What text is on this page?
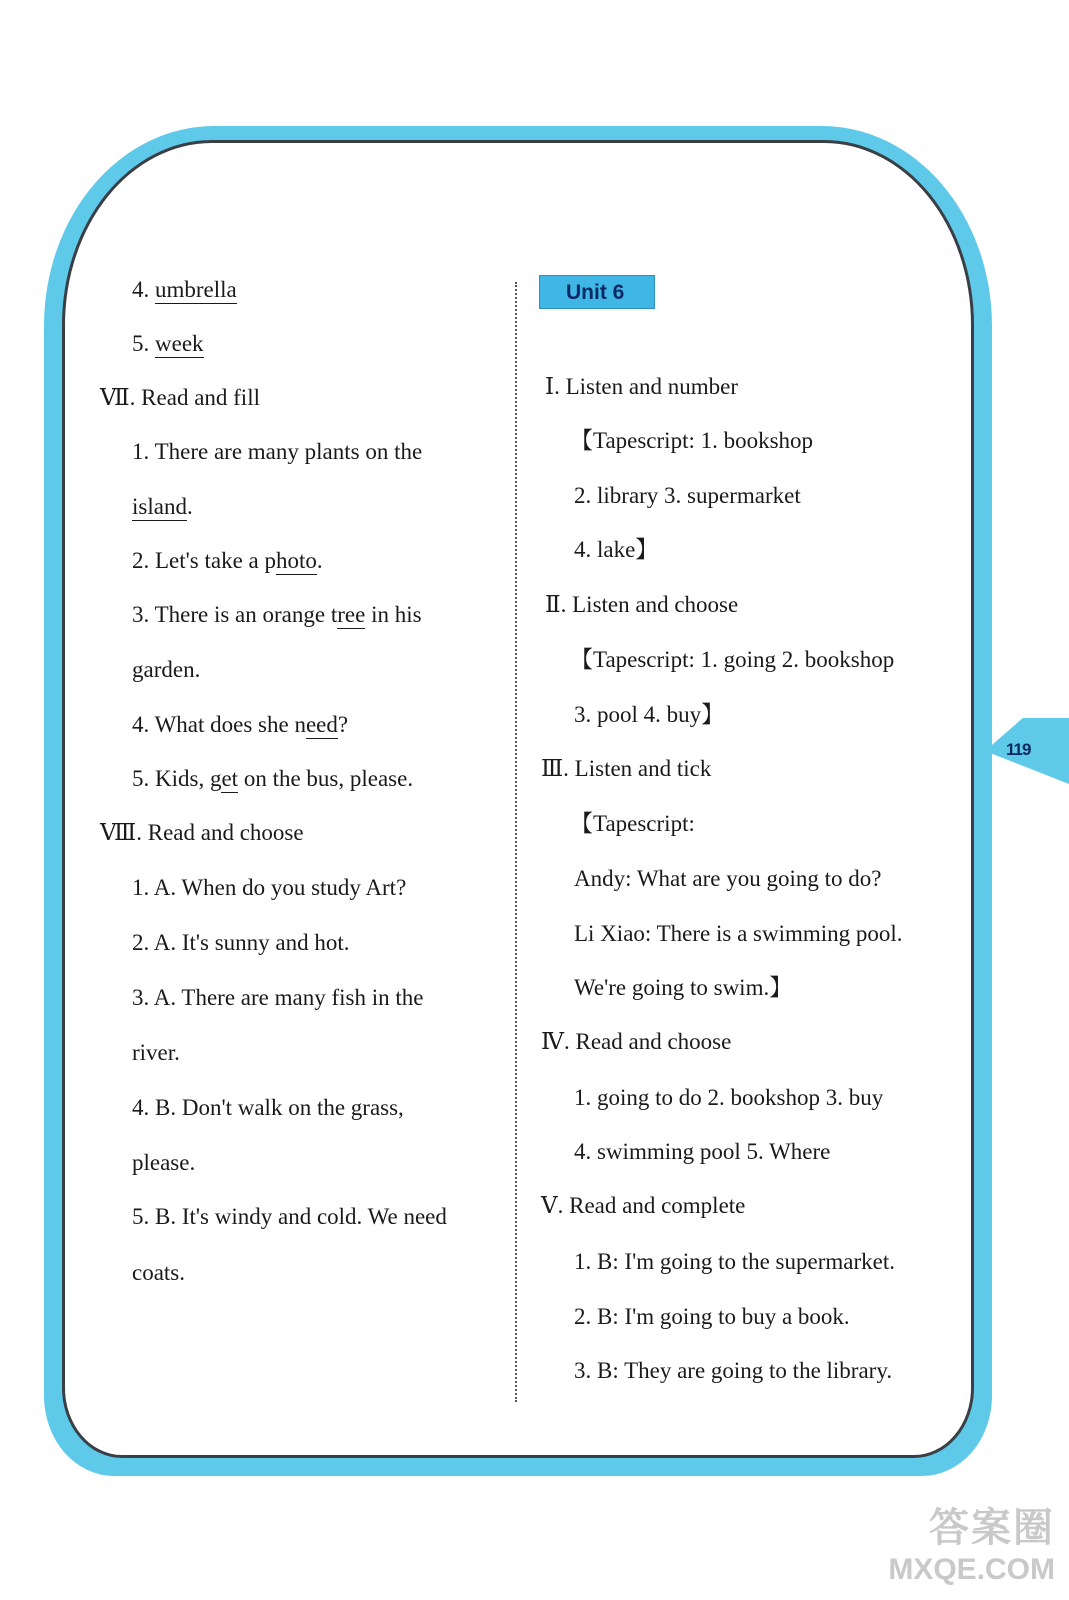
119
4. umbrella
5. week
Ⅶ. Read and fill
1. There are many plants on the
island.
2. Let's take a photo.
3. There is an orange tree in his
garden.
4. What does she need?
5. Kids, get on the bus, please.
Ⅷ. Read and choose
1. A. When do you study Art?
2. A. It's sunny and hot.
3. A. There are many fish in the
river.
4. B. Don't walk on the grass,
please.
5. B. It's windy and cold. We need
coats.
Unit 6
Ⅰ. Listen and number
【Tapescript: 1. bookshop
2. library 3. supermarket
4. lake】
Ⅱ. Listen and choose
【Tapescript: 1. going 2. bookshop
3. pool 4. buy】
Ⅲ. Listen and tick
【Tapescript:
Andy: What are you going to do?
Li Xiao: There is a swimming pool.
We're going to swim.】
Ⅳ. Read and choose
1. going to do 2. bookshop 3. buy
4. swimming pool 5. Where
Ⅴ. Read and complete
1. B: I'm going to the supermarket.
2. B: I'm going to buy a book.
3. B: They are going to the library.
答案圈
MXQE.COM
